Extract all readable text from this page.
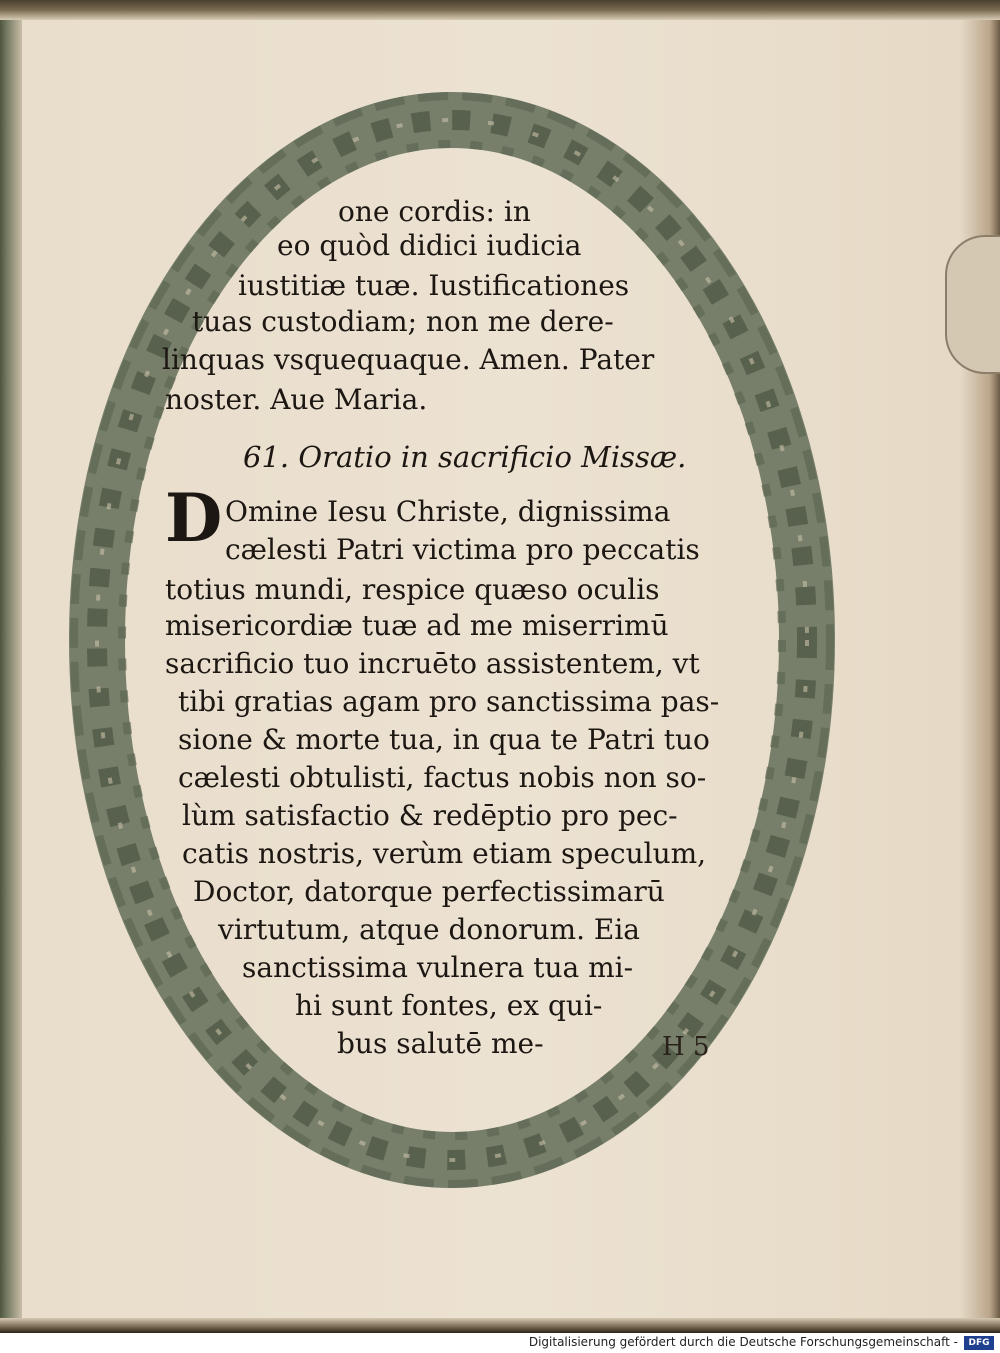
one cordis: in
eo quòd didici iudicia
iustitiæ tuæ. Iustificationes
tuas custodiam; non me dere-
linquas vsquequaque. Amen. Pater
noster. Aue Maria.
61. Oratio in sacrificio Missæ.
D Omine Iesu Christe, dignissima
cælesti Patri victima pro peccatis
totius mundi, respice quæso oculis
misericordiæ tuæ ad me miserrimū
sacrificio tuo incruēto assistentem, vt
tibi gratias agam pro sanctissima pas-
sione & morte tua, in qua te Patri tuo
cælesti obtulisti, factus nobis non so-
lùm satisfactio & redēptio pro pec-
catis nostris, verùm etiam speculum,
Doctor, datorque perfectissimarū
virtutum, atque donorum. Eia
sanctissima vulnera tua mi-
hi sunt fontes, ex qui-
bus salutē me-	H 5
Digitalisierung gefördert durch die Deutsche Forschungsgemeinschaft -	DFG
